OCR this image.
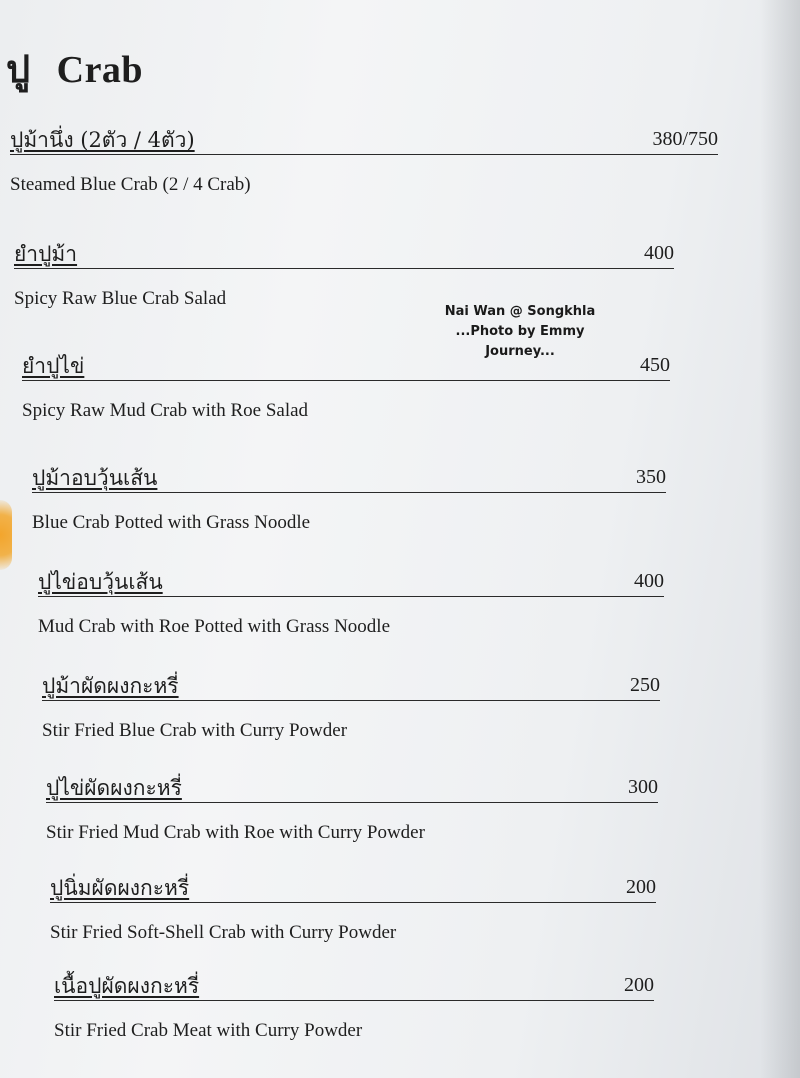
ปู Crab
Nai Wan @ Songkhla
...Photo by Emmy Journey...
ปูม้านึ่ง (2ตัว / 4ตัว)	380/750
Steamed Blue Crab (2 / 4 Crab)
ยำปูม้า	400
Spicy Raw Blue Crab Salad
ยำปูไข่	450
Spicy Raw Mud Crab with Roe Salad
ปูม้าอบวุ้นเส้น	350
Blue Crab Potted with Grass Noodle
ปูไข่อบวุ้นเส้น	400
Mud Crab with Roe Potted with Grass Noodle
ปูม้าผัดผงกะหรี่	250
Stir Fried Blue Crab with Curry Powder
ปูไข่ผัดผงกะหรี่	300
Stir Fried Mud Crab with Roe with Curry Powder
ปูนิ่มผัดผงกะหรี่	200
Stir Fried Soft-Shell Crab with Curry Powder
เนื้อปูผัดผงกะหรี่	200
Stir Fried Crab Meat with Curry Powder
